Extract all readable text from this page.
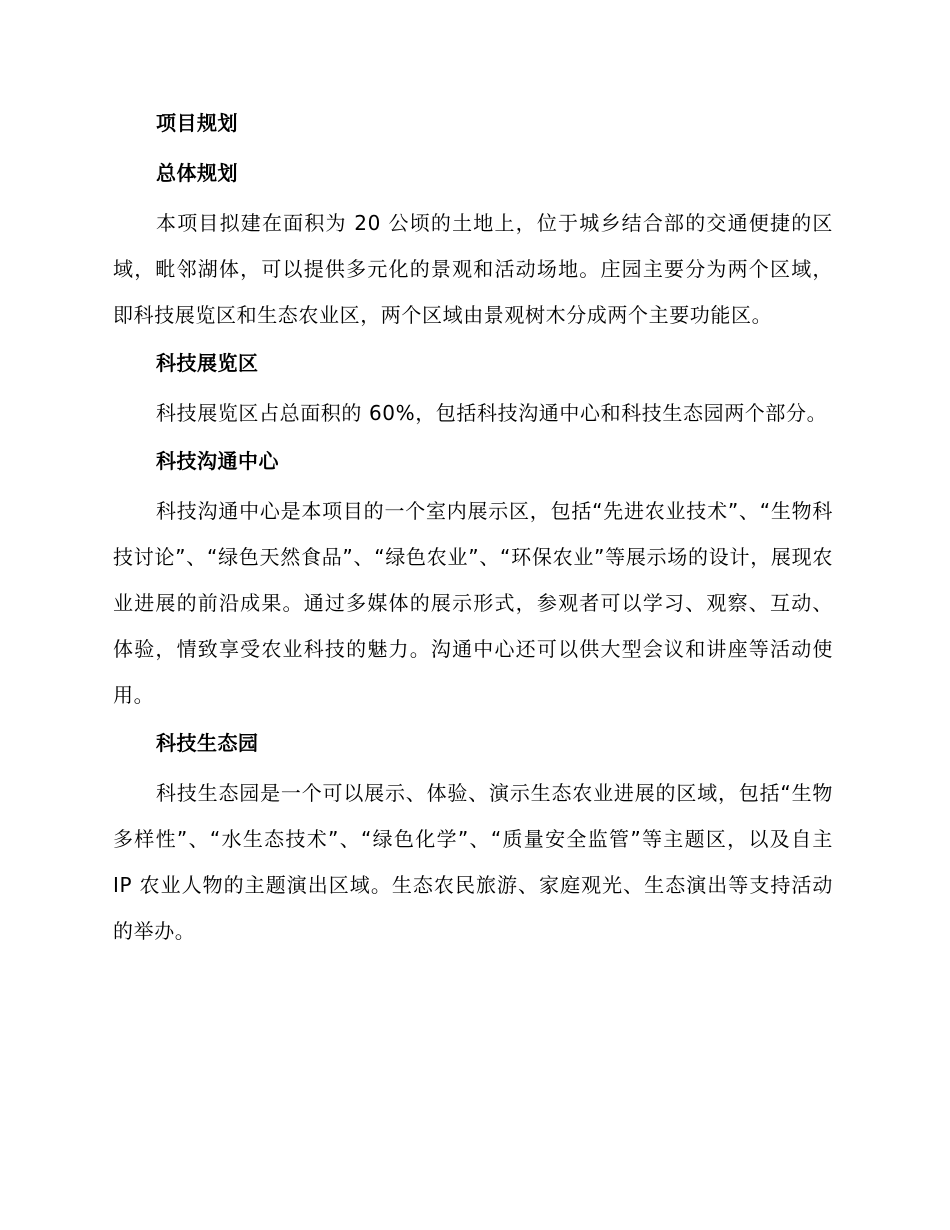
项目规划
总体规划

本项目拟建在面积为 20 公顷的土地上，位于城乡结合部的交通便捷的区域，毗邻湖体，可以提供多元化的景观和活动场地。庄园主要分为两个区域，即科技展览区和生态农业区，两个区域由景观树木分成两个主要功能区。

科技展览区

科技展览区占总面积的 60%，包括科技沟通中心和科技生态园两个部分。

科技沟通中心

科技沟通中心是本项目的一个室内展示区，包括“先进农业技术”、“生物科技讨论”、“绿色天然食品”、“绿色农业”、“环保农业”等展示场的设计，展现农业进展的前沿成果。通过多媒体的展示形式，参观者可以学习、观察、互动、体验，情致享受农业科技的魅力。沟通中心还可以供大型会议和讲座等活动使用。

科技生态园

科技生态园是一个可以展示、体验、演示生态农业进展的区域，包括“生物多样性”、“水生态技术”、“绿色化学”、“质量安全监管”等主题区，以及自主 IP 农业人物的主题演出区域。生态农民旅游、家庭观光、生态演出等支持活动的举办。
